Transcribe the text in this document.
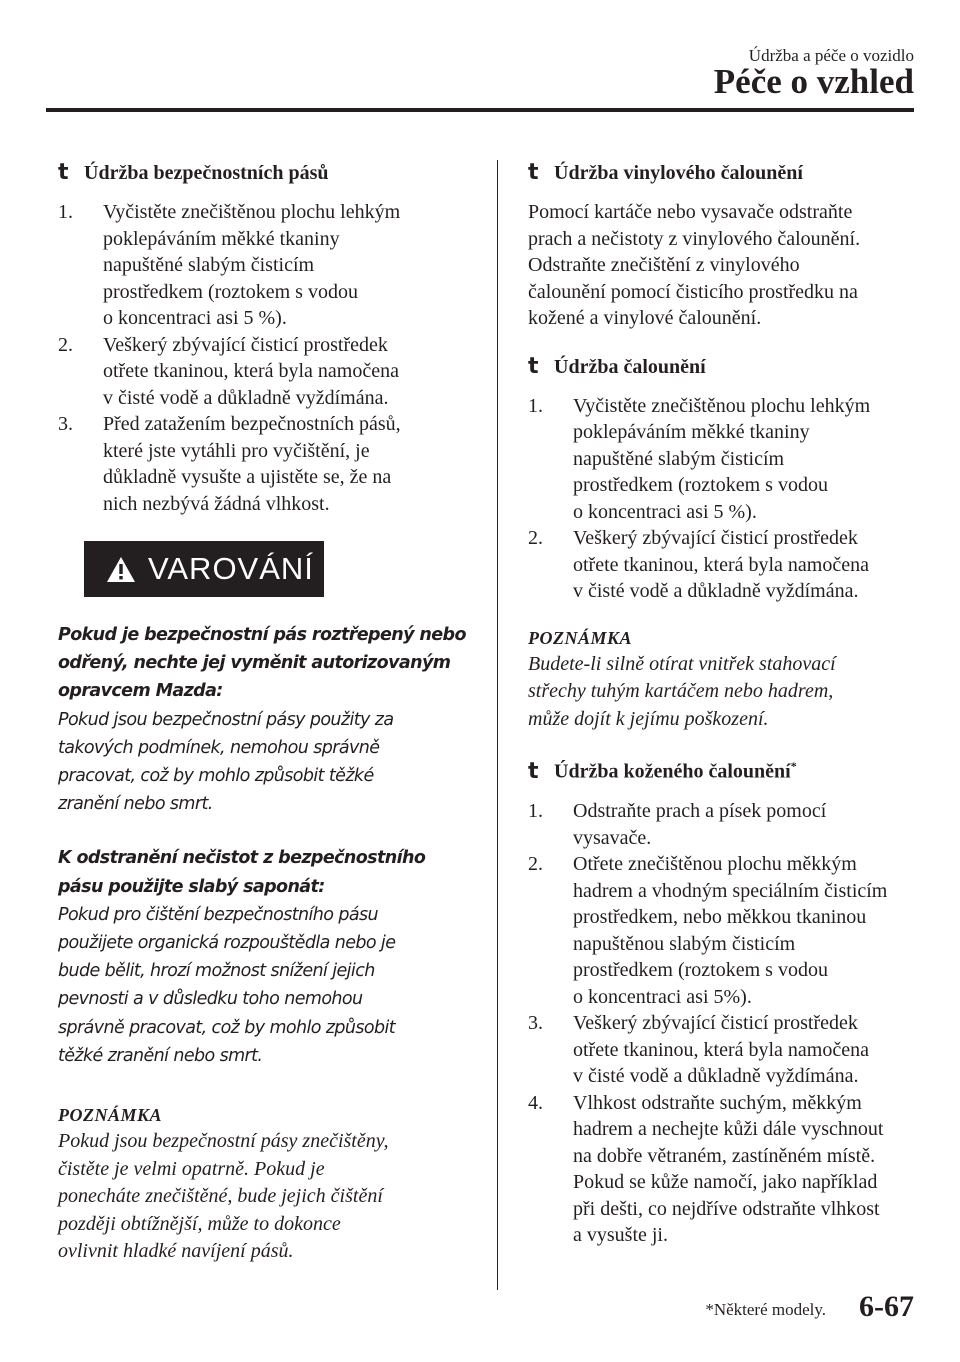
Údržba a péče o vozidlo
Péče o vzhled
t Údržba bezpečnostních pásů
1. Vyčistěte znečištěnou plochu lehkým
poklepáváním měkké tkaniny
napuštěné slabým čisticím
prostředkem (roztokem s vodou
o koncentraci asi 5 %).
2. Veškerý zbývající čisticí prostředek
otřete tkaninou, která byla namočena
v čisté vodě a důkladně vyždímána.
3. Před zatažením bezpečnostních pásů,
které jste vytáhli pro vyčištění, je
důkladně vysušte a ujistěte se, že na
nich nezbývá žádná vlhkost.
VAROVÁNÍ
Pokud je bezpečnostní pás roztřepený nebo
odřený, nechte jej vyměnit autorizovaným
opravcem Mazda:
Pokud jsou bezpečnostní pásy použity za
takových podmínek, nemohou správně
pracovat, což by mohlo způsobit těžké
zranění nebo smrt.
K odstranění nečistot z bezpečnostního
pásu použijte slabý saponát:
Pokud pro čištění bezpečnostního pásu
použijete organická rozpouštědla nebo je
bude bělit, hrozí možnost snížení jejich
pevnosti a v důsledku toho nemohou
správně pracovat, což by mohlo způsobit
těžké zranění nebo smrt.
POZNÁMKA
Pokud jsou bezpečnostní pásy znečištěny,
čistěte je velmi opatrně. Pokud je
ponecháte znečištěné, bude jejich čištění
později obtížnější, může to dokonce
ovlivnit hladké navíjení pásů.
t Údržba vinylového čalounění
Pomocí kartáče nebo vysavače odstraňte
prach a nečistoty z vinylového čalounění.
Odstraňte znečištění z vinylového
čalounění pomocí čisticího prostředku na
kožené a vinylové čalounění.
t Údržba čalounění
1. Vyčistěte znečištěnou plochu lehkým
poklepáváním měkké tkaniny
napuštěné slabým čisticím
prostředkem (roztokem s vodou
o koncentraci asi 5 %).
2. Veškerý zbývající čisticí prostředek
otřete tkaninou, která byla namočena
v čisté vodě a důkladně vyždímána.
POZNÁMKA
Budete-li silně otírat vnitřek stahovací
střechy tuhým kartáčem nebo hadrem,
může dojít k jejímu poškození.
t Údržba koženého čalounění*
1. Odstraňte prach a písek pomocí
vysavače.
2. Otřete znečištěnou plochu měkkým
hadrem a vhodným speciálním čisticím
prostředkem, nebo měkkou tkaninou
napuštěnou slabým čisticím
prostředkem (roztokem s vodou
o koncentraci asi 5%).
3. Veškerý zbývající čisticí prostředek
otřete tkaninou, která byla namočena
v čisté vodě a důkladně vyždímána.
4. Vlhkost odstraňte suchým, měkkým
hadrem a nechejte kůži dále vyschnout
na dobře větraném, zastíněném místě.
Pokud se kůže namočí, jako například
při dešti, co nejdříve odstraňte vlhkost
a vysušte ji.
*Některé modely. 6-67
